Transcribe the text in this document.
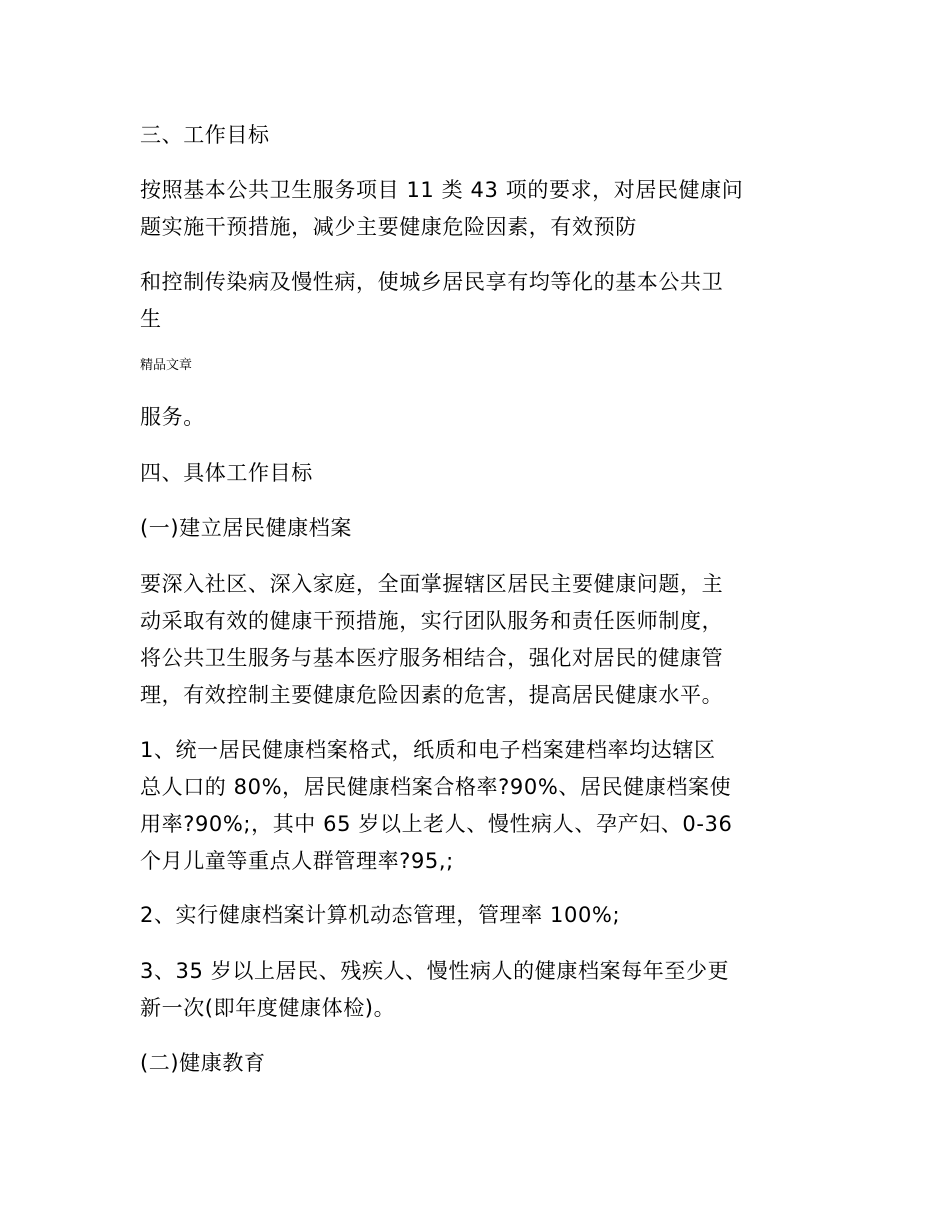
三、工作目标
按照基本公共卫生服务项目 11 类 43 项的要求，对居民健康问
题实施干预措施，减少主要健康危险因素，有效预防
和控制传染病及慢性病，使城乡居民享有均等化的基本公共卫
生
精品文章
服务。
四、具体工作目标
(一)建立居民健康档案
要深入社区、深入家庭，全面掌握辖区居民主要健康问题，主
动采取有效的健康干预措施，实行团队服务和责任医师制度，
将公共卫生服务与基本医疗服务相结合，强化对居民的健康管
理，有效控制主要健康危险因素的危害，提高居民健康水平。
1、统一居民健康档案格式，纸质和电子档案建档率均达辖区
总人口的 80%，居民健康档案合格率?90%、居民健康档案使
用率?90%;，其中 65 岁以上老人、慢性病人、孕产妇、0-36
个月儿童等重点人群管理率?95,;
2、实行健康档案计算机动态管理，管理率 100%;
3、35 岁以上居民、残疾人、慢性病人的健康档案每年至少更
新一次(即年度健康体检)。
(二)健康教育
